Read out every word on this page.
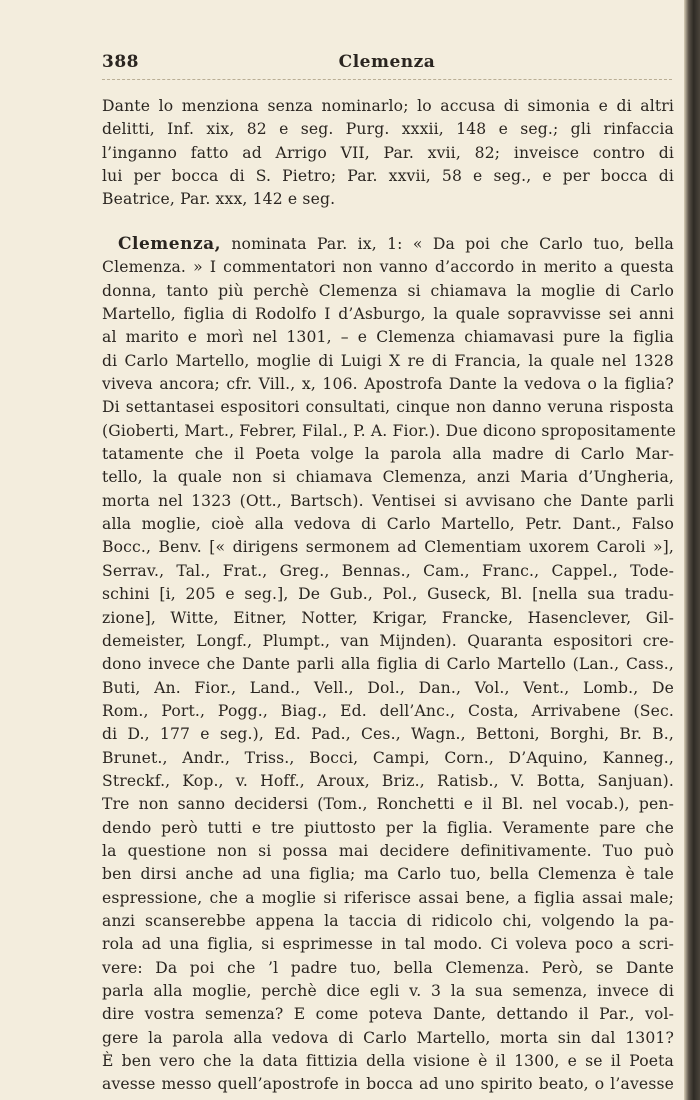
388	Clemenza
Dante lo menziona senza nominarlo; lo accusa di simonia e di altri
delitti, Inf. xix, 82 e seg. Purg. xxxii, 148 e seg.; gli rinfaccia
l’inganno fatto ad Arrigo VII, Par. xvii, 82; inveisce contro di
lui per bocca di S. Pietro; Par. xxvii, 58 e seg., e per bocca di
Beatrice, Par. xxx, 142 e seg.
Clemenza, nominata Par. ix, 1: « Da poi che Carlo tuo, bella
Clemenza. » I commentatori non vanno d’accordo in merito a questa
donna, tanto più perchè Clemenza si chiamava la moglie di Carlo
Martello, figlia di Rodolfo I d’Asburgo, la quale sopravvisse sei anni
al marito e morì nel 1301, – e Clemenza chiamavasi pure la figlia
di Carlo Martello, moglie di Luigi X re di Francia, la quale nel 1328
viveva ancora; cfr. Vill., x, 106. Apostrofa Dante la vedova o la figlia?
Di settantasei espositori consultati, cinque non danno veruna risposta
(Gioberti, Mart., Febrer, Filal., P. A. Fior.). Due dicono spropositamente
tatamente che il Poeta volge la parola alla madre di Carlo Mar-
tello, la quale non si chiamava Clemenza, anzi Maria d’Ungheria,
morta nel 1323 (Ott., Bartsch). Ventisei si avvisano che Dante parli
alla moglie, cioè alla vedova di Carlo Martello, Petr. Dant., Falso
Bocc., Benv. [« dirigens sermonem ad Clementiam uxorem Caroli »],
Serrav., Tal., Frat., Greg., Bennas., Cam., Franc., Cappel., Tode-
schini [i, 205 e seg.], De Gub., Pol., Guseck, Bl. [nella sua tradu-
zione], Witte, Eitner, Notter, Krigar, Francke, Hasenclever, Gil-
demeister, Longf., Plumpt., van Mijnden). Quaranta espositori cre-
dono invece che Dante parli alla figlia di Carlo Martello (Lan., Cass.,
Buti, An. Fior., Land., Vell., Dol., Dan., Vol., Vent., Lomb., De
Rom., Port., Pogg., Biag., Ed. dell’Anc., Costa, Arrivabene (Sec.
di D., 177 e seg.), Ed. Pad., Ces., Wagn., Bettoni, Borghi, Br. B.,
Brunet., Andr., Triss., Bocci, Campi, Corn., D’Aquino, Kanneg.,
Streckf., Kop., v. Hoff., Aroux, Briz., Ratisb., V. Botta, Sanjuan).
Tre non sanno decidersi (Tom., Ronchetti e il Bl. nel vocab.), pen-
dendo però tutti e tre piuttosto per la figlia. Veramente pare che
la questione non si possa mai decidere definitivamente. Tuo può
ben dirsi anche ad una figlia; ma Carlo tuo, bella Clemenza è tale
espressione, che a moglie si riferisce assai bene, a figlia assai male;
anzi scanserebbe appena la taccia di ridicolo chi, volgendo la pa-
rola ad una figlia, si esprimesse in tal modo. Ci voleva poco a scri-
vere: Da poi che ’l padre tuo, bella Clemenza. Però, se Dante
parla alla moglie, perchè dice egli v. 3 la sua semenza, invece di
dire vostra semenza? E come poteva Dante, dettando il Par., vol-
gere la parola alla vedova di Carlo Martello, morta sin dal 1301?
È ben vero che la data fittizia della visione è il 1300, e se il Poeta
avesse messo quell’apostrofe in bocca ad uno spirito beato, o l’avesse
